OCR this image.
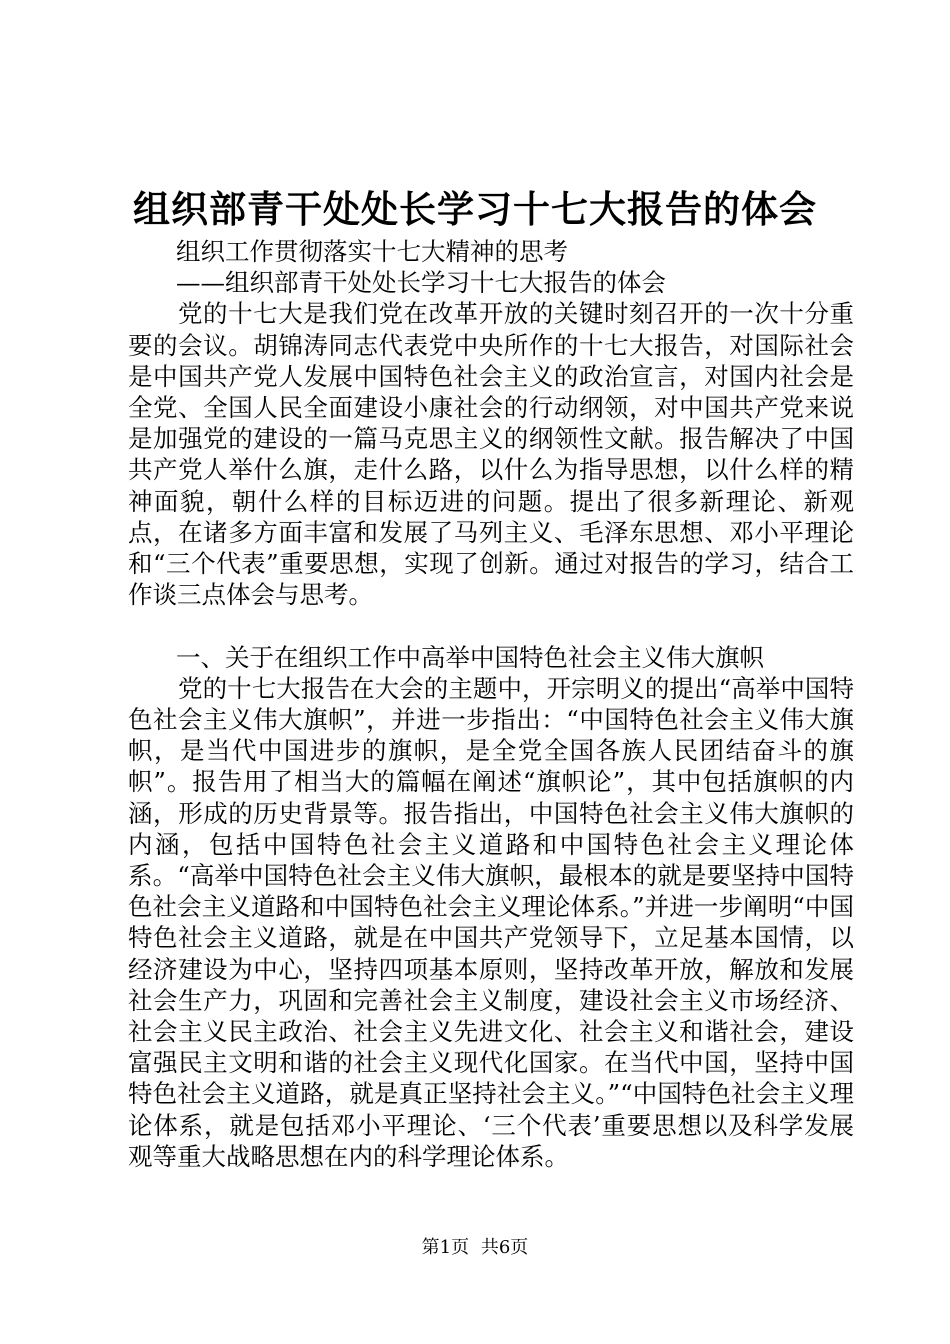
组织部青干处处长学习十七大报告的体会
组织工作贯彻落实十七大精神的思考
——组织部青干处处长学习十七大报告的体会

党的十七大是我们党在改革开放的关键时刻召开的一次十分重要的会议。胡锦涛同志代表党中央所作的十七大报告，对国际社会是中国共产党人发展中国特色社会主义的政治宣言，对国内社会是全党、全国人民全面建设小康社会的行动纲领，对中国共产党来说是加强党的建设的一篇马克思主义的纲领性文献。报告解决了中国共产党人举什么旗，走什么路，以什么为指导思想，以什么样的精神面貌，朝什么样的目标迈进的问题。提出了很多新理论、新观点，在诸多方面丰富和发展了马列主义、毛泽东思想、邓小平理论和“三个代表”重要思想，实现了创新。通过对报告的学习，结合工作谈三点体会与思考。

一、关于在组织工作中高举中国特色社会主义伟大旗帜

党的十七大报告在大会的主题中，开宗明义的提出“高举中国特色社会主义伟大旗帜”，并进一步指出：“中国特色社会主义伟大旗帜，是当代中国进步的旗帜，是全党全国各族人民团结奋斗的旗帜”。报告用了相当大的篇幅在阐述“旗帜论”，其中包括旗帜的内涵，形成的历史背景等。报告指出，中国特色社会主义伟大旗帜的内涵，包括中国特色社会主义道路和中国特色社会主义理论体系。“高举中国特色社会主义伟大旗帜，最根本的就是要坚持中国特色社会主义道路和中国特色社会主义理论体系。”并进一步阐明“中国特色社会主义道路，就是在中国共产党领导下，立足基本国情，以经济建设为中心，坚持四项基本原则，坚持改革开放，解放和发展社会生产力，巩固和完善社会主义制度，建设社会主义市场经济、社会主义民主政治、社会主义先进文化、社会主义和谐社会，建设富强民主文明和谐的社会主义现代化国家。在当代中国，坚持中国特色社会主义道路，就是真正坚持社会主义。”“中国特色社会主义理论体系，就是包括邓小平理论、‘三个代表’重要思想以及科学发展观等重大战略思想在内的科学理论体系。

第1页 共6页
